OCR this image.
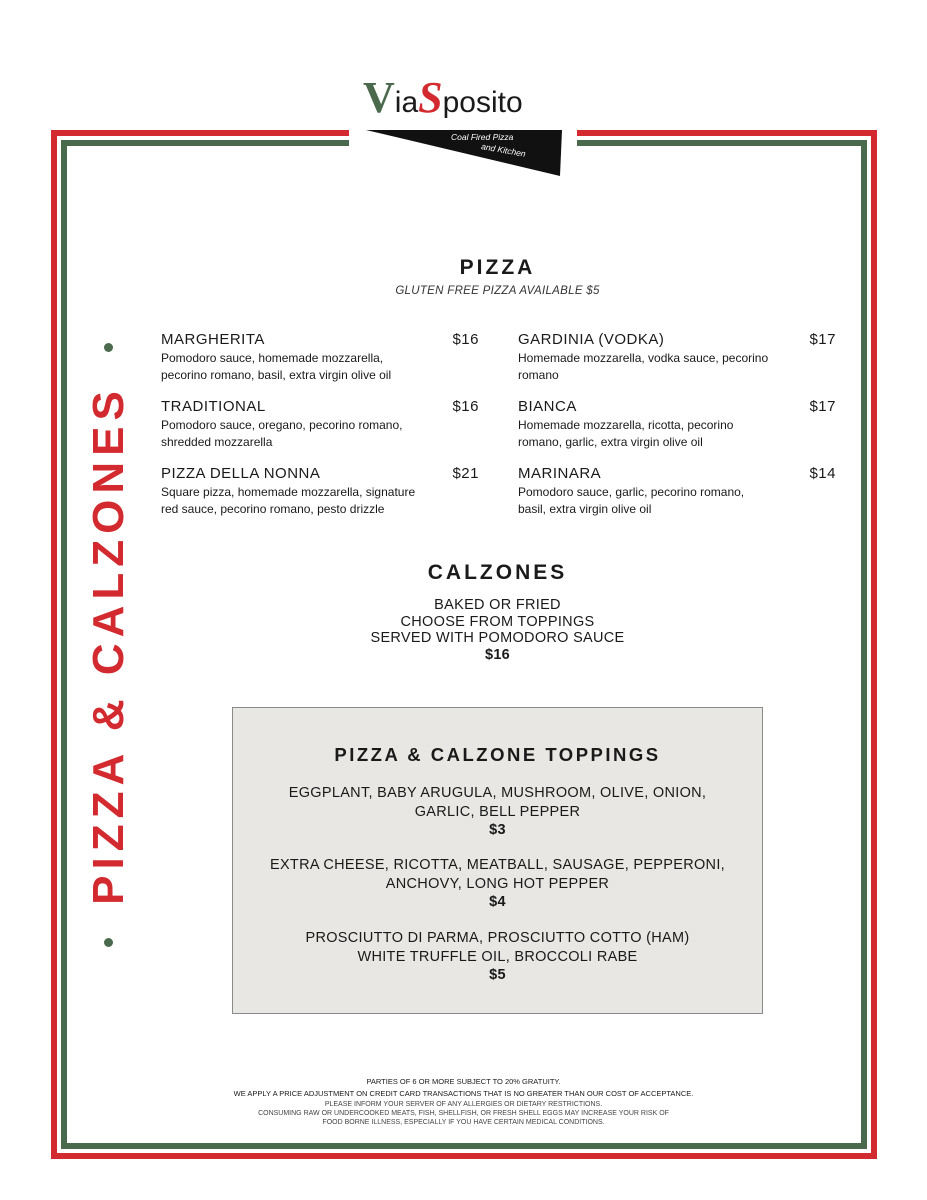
ViaSposito
Coal Fired Pizza
and Kitchen
PIZZA & CALZONES
PIZZA
GLUTEN FREE PIZZA AVAILABLE $5
MARGHERITA	$16
Pomodoro sauce, homemade mozzarella,
pecorino romano, basil, extra virgin olive oil
TRADITIONAL	$16
Pomodoro sauce, oregano, pecorino romano,
shredded mozzarella
PIZZA DELLA NONNA	$21
Square pizza, homemade mozzarella, signature
red sauce, pecorino romano, pesto drizzle
GARDINIA (VODKA)	$17
Homemade mozzarella, vodka sauce, pecorino
romano
BIANCA	$17
Homemade mozzarella, ricotta, pecorino
romano, garlic, extra virgin olive oil
MARINARA	$14
Pomodoro sauce, garlic, pecorino romano,
basil, extra virgin olive oil
CALZONES
BAKED OR FRIED
CHOOSE FROM TOPPINGS
SERVED WITH POMODORO SAUCE
$16
PIZZA & CALZONE TOPPINGS
EGGPLANT, BABY ARUGULA, MUSHROOM, OLIVE, ONION,
GARLIC, BELL PEPPER
$3
EXTRA CHEESE, RICOTTA, MEATBALL, SAUSAGE, PEPPERONI,
ANCHOVY, LONG HOT PEPPER
$4
PROSCIUTTO DI PARMA, PROSCIUTTO COTTO (HAM)
WHITE TRUFFLE OIL, BROCCOLI RABE
$5
PARTIES OF 6 OR MORE SUBJECT TO 20% GRATUITY.
WE APPLY A PRICE ADJUSTMENT ON CREDIT CARD TRANSACTIONS THAT IS NO GREATER THAN OUR COST OF ACCEPTANCE.
PLEASE INFORM YOUR SERVER OF ANY ALLERGIES OR DIETARY RESTRICTIONS.
CONSUMING RAW OR UNDERCOOKED MEATS, FISH, SHELLFISH, OR FRESH SHELL EGGS MAY INCREASE YOUR RISK OF
FOOD BORNE ILLNESS, ESPECIALLY IF YOU HAVE CERTAIN MEDICAL CONDITIONS.
